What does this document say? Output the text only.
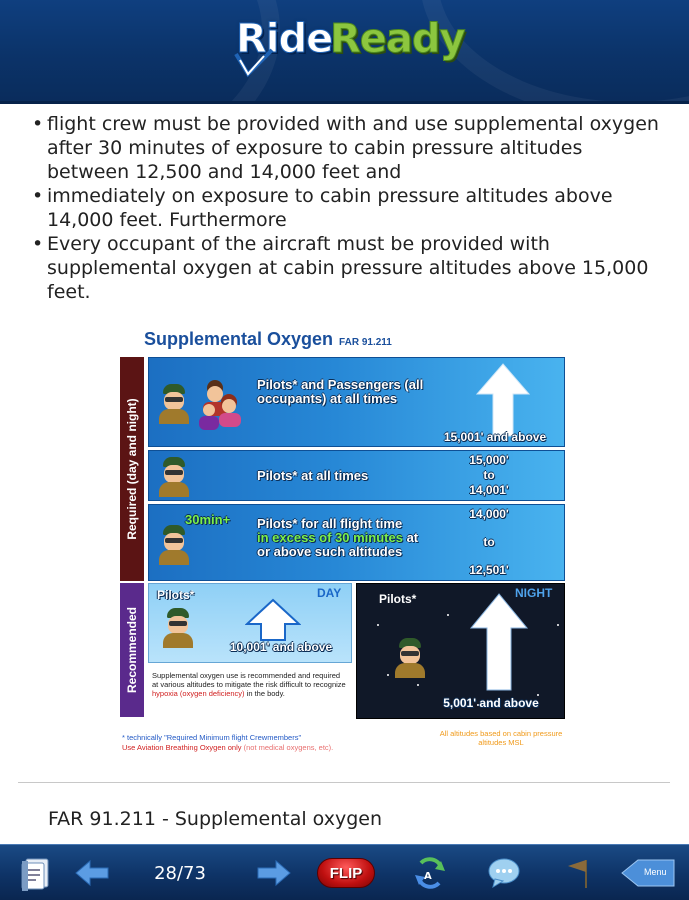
Ride
Ready
• flight crew must be provided with and use supplemental oxygen after 30 minutes of exposure to cabin pressure altitudes between 12,500 and 14,000 feet and
• immediately on exposure to cabin pressure altitudes above 14,000 feet. Furthermore
• Every occupant of the aircraft must be provided with supplemental oxygen at cabin pressure altitudes above 15,000 feet.
Supplemental Oxygen FAR 91.211
Required (day and night)
Recommended
Pilots* and Passengers (all occupants) at all times
15,001' and above
Pilots* at all times
15,000'
to
14,001'
30min+ Pilots* for all flight time
in excess of 30 minutes at
or above such altitudes
14,000'
to
12,501'
Pilots*	DAY
10,001' and above
Pilots*	NIGHT
5,001' and above
Supplemental oxygen use is recommended and required at various altitudes to mitigate the risk difficult to recognize hypoxia (oxygen deficiency) in the body.
* technically "Required Minimum flight Crewmembers"
Use Aviation Breathing Oxygen only (not medical oxygens, etc).
All altitudes based on cabin pressure altitudes MSL
FAR 91.211 - Supplemental oxygen
28/73	FLIP	A	Menu
